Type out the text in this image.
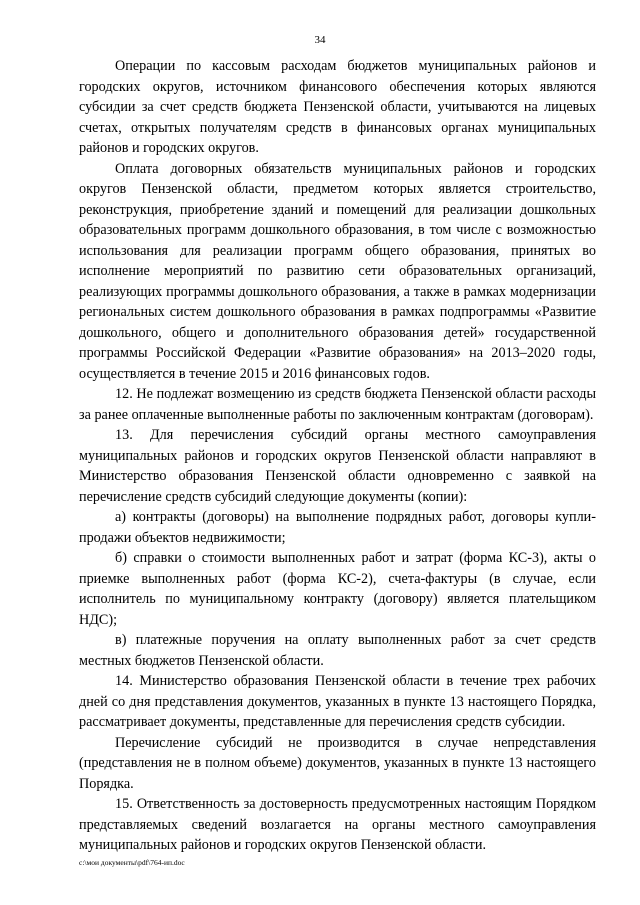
34

Операции по кассовым расходам бюджетов муниципальных районов и городских округов, источником финансового обеспечения которых являются субсидии за счет средств бюджета Пензенской области, учитываются на лицевых счетах, открытых получателям средств в финансовых органах муниципальных районов и городских округов.

Оплата договорных обязательств муниципальных районов и городских округов Пензенской области, предметом которых является строительство, реконструкция, приобретение зданий и помещений для реализации дошкольных образовательных программ дошкольного образования, в том числе с возможностью использования для реализации программ общего образования, принятых во исполнение мероприятий по развитию сети образовательных организаций, реализующих программы дошкольного образования, а также в рамках модернизации региональных систем дошкольного образования в рамках подпрограммы «Развитие дошкольного, общего и дополнительного образования детей» государственной программы Российской Федерации «Развитие образования» на 2013–2020 годы, осуществляется в течение 2015 и 2016 финансовых годов.

12. Не подлежат возмещению из средств бюджета Пензенской области расходы за ранее оплаченные выполненные работы по заключенным контрактам (договорам).

13. Для перечисления субсидий органы местного самоуправления муниципальных районов и городских округов Пензенской области направляют в Министерство образования Пензенской области одновременно с заявкой на перечисление средств субсидий следующие документы (копии):

а) контракты (договоры) на выполнение подрядных работ, договоры купли-продажи объектов недвижимости;

б) справки о стоимости выполненных работ и затрат (форма КС-3), акты о приемке выполненных работ (форма КС-2), счета-фактуры (в случае, если исполнитель по муниципальному контракту (договору) является плательщиком НДС);

в) платежные поручения на оплату выполненных работ за счет средств местных бюджетов Пензенской области.

14. Министерство образования Пензенской области в течение трех рабочих дней со дня представления документов, указанных в пункте 13 настоящего Порядка, рассматривает документы, представленные для перечисления средств субсидии.

Перечисление субсидий не производится в случае непредставления (представления не в полном объеме) документов, указанных в пункте 13 настоящего Порядка.

15. Ответственность за достоверность предусмотренных настоящим Порядком представляемых сведений возлагается на органы местного самоуправления муниципальных районов и городских округов Пензенской области.

c:\мои документы\pdf\764-ип.doc
